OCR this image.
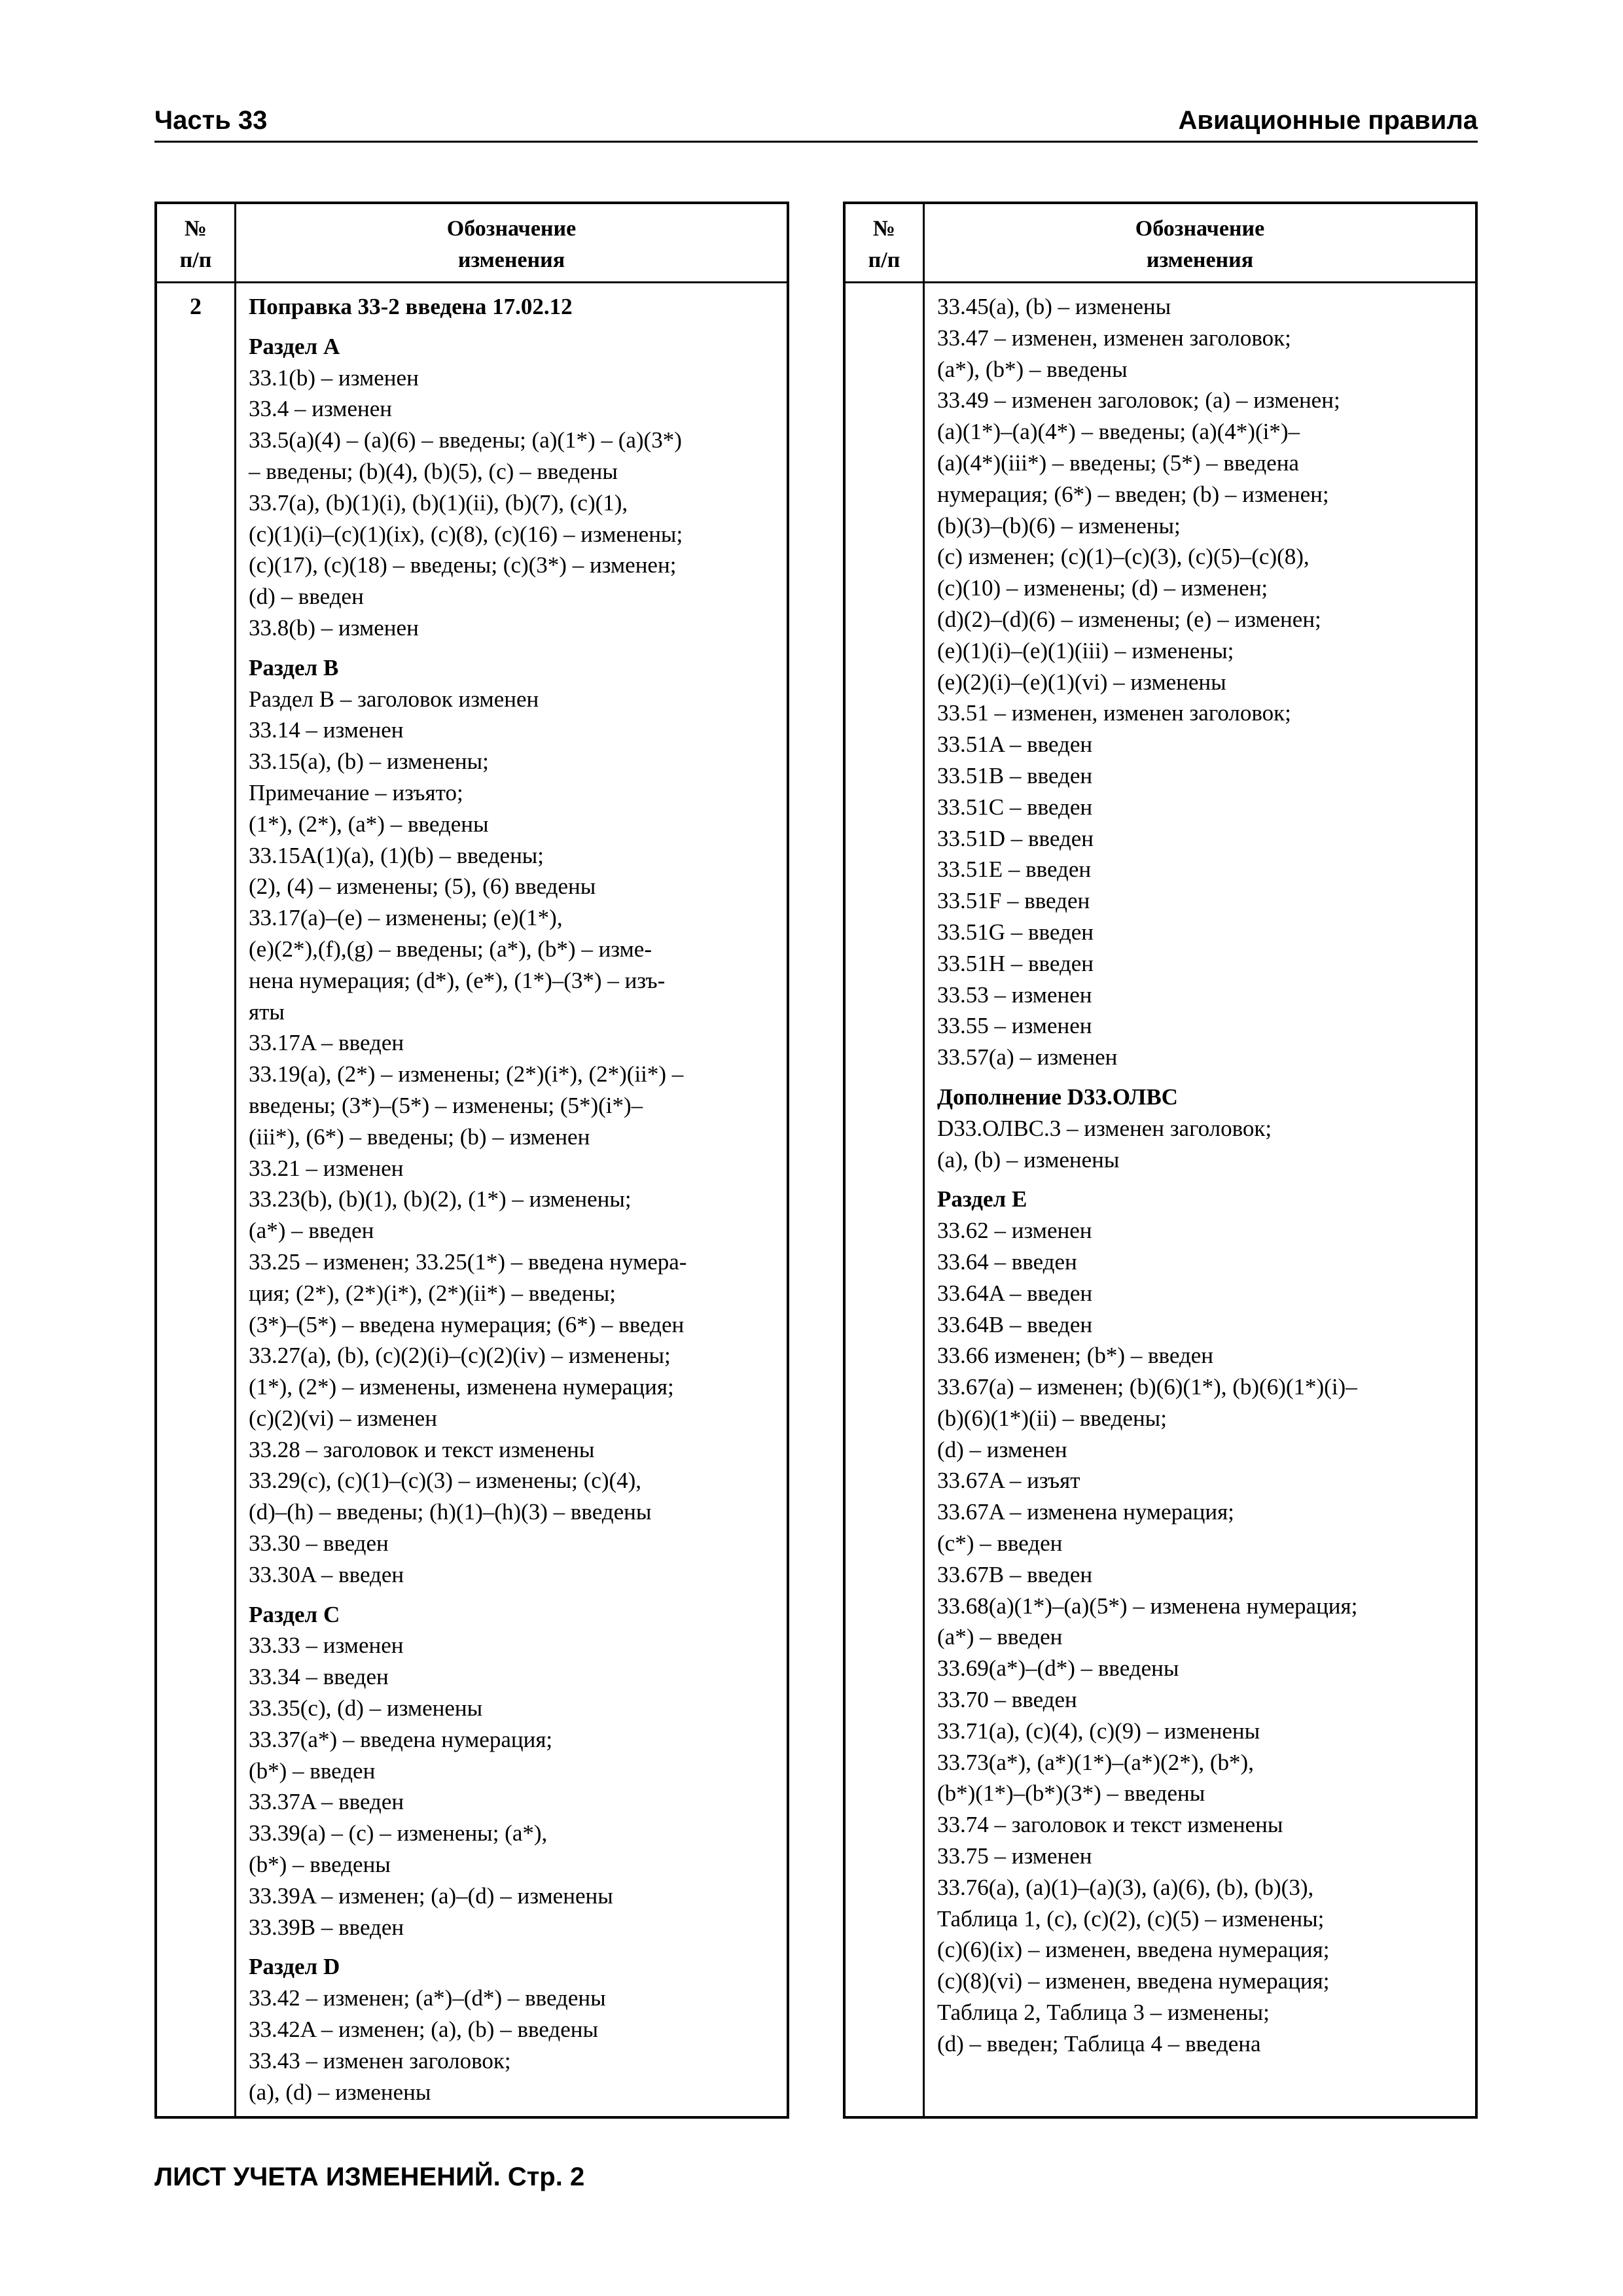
Часть 33	Авиационные правила
№
п/п
Обозначение
изменения
2	Поправка 33-2 введена 17.02.12
Раздел A
33.1(b) – изменен
33.4 – изменен
33.5(a)(4) – (a)(6) – введены; (a)(1*) – (a)(3*)
– введены; (b)(4), (b)(5), (c) – введены
33.7(a), (b)(1)(i), (b)(1)(ii), (b)(7), (c)(1),
(c)(1)(i)–(c)(1)(ix), (c)(8), (c)(16) – изменены;
(c)(17), (c)(18) – введены; (c)(3*) – изменен;
(d) – введен
33.8(b) – изменен
Раздел B
Раздел В – заголовок изменен
33.14 – изменен
33.15(a), (b) – изменены;
Примечание – изъято;
(1*), (2*), (a*) – введены
33.15A(1)(a), (1)(b) – введены;
(2), (4) – изменены; (5), (6) введены
33.17(a)–(e) – изменены; (e)(1*),
(e)(2*),(f),(g) – введены; (a*), (b*) – изме-
нена нумерация; (d*), (e*), (1*)–(3*) – изъ-
яты
33.17A – введен
33.19(a), (2*) – изменены; (2*)(i*), (2*)(ii*) –
введены; (3*)–(5*) – изменены; (5*)(i*)–
(iii*), (6*) – введены; (b) – изменен
33.21 – изменен
33.23(b), (b)(1), (b)(2), (1*) – изменены;
(a*) – введен
33.25 – изменен; 33.25(1*) – введена нумера-
ция; (2*), (2*)(i*), (2*)(ii*) – введены;
(3*)–(5*) – введена нумерация; (6*) – введен
33.27(a), (b), (c)(2)(i)–(c)(2)(iv) – изменены;
(1*), (2*) – изменены, изменена нумерация;
(c)(2)(vi) – изменен
33.28 – заголовок и текст изменены
33.29(c), (c)(1)–(c)(3) – изменены; (c)(4),
(d)–(h) – введены; (h)(1)–(h)(3) – введены
33.30 – введен
33.30A – введен
Раздел C
33.33 – изменен
33.34 – введен
33.35(c), (d) – изменены
33.37(a*) – введена нумерация;
(b*) – введен
33.37A – введен
33.39(a) – (c) – изменены; (a*),
(b*) – введены
33.39A – изменен; (a)–(d) – изменены
33.39B – введен
Раздел D
33.42 – изменен; (a*)–(d*) – введены
33.42A – изменен; (a), (b) – введены
33.43 – изменен заголовок;
(a), (d) – изменены
№
п/п
Обозначение
изменения
33.45(a), (b) – изменены
33.47 – изменен, изменен заголовок;
(a*), (b*) – введены
33.49 – изменен заголовок; (a) – изменен;
(a)(1*)–(a)(4*) – введены; (a)(4*)(i*)–
(a)(4*)(iii*) – введены; (5*) – введена
нумерация; (6*) – введен; (b) – изменен;
(b)(3)–(b)(6) – изменены;
(c) изменен; (c)(1)–(c)(3), (c)(5)–(c)(8),
(c)(10) – изменены; (d) – изменен;
(d)(2)–(d)(6) – изменены; (e) – изменен;
(e)(1)(i)–(e)(1)(iii) – изменены;
(e)(2)(i)–(e)(1)(vi) – изменены
33.51 – изменен, изменен заголовок;
33.51A – введен
33.51B – введен
33.51C – введен
33.51D – введен
33.51E – введен
33.51F – введен
33.51G – введен
33.51H – введен
33.53 – изменен
33.55 – изменен
33.57(a) – изменен
Дополнение D33.ОЛВС
D33.ОЛВС.3 – изменен заголовок;
(a), (b) – изменены
Раздел E
33.62 – изменен
33.64 – введен
33.64A – введен
33.64B – введен
33.66 изменен; (b*) – введен
33.67(a) – изменен; (b)(6)(1*), (b)(6)(1*)(i)–
(b)(6)(1*)(ii) – введены;
(d) – изменен
33.67A – изъят
33.67A – изменена нумерация;
(c*) – введен
33.67B – введен
33.68(a)(1*)–(a)(5*) – изменена нумерация;
(a*) – введен
33.69(a*)–(d*) – введены
33.70 – введен
33.71(a), (c)(4), (c)(9) – изменены
33.73(a*), (a*)(1*)–(a*)(2*), (b*),
(b*)(1*)–(b*)(3*) – введены
33.74 – заголовок и текст изменены
33.75 – изменен
33.76(a), (a)(1)–(a)(3), (a)(6), (b), (b)(3),
Таблица 1, (c), (c)(2), (c)(5) – изменены;
(c)(6)(ix) – изменен, введена нумерация;
(c)(8)(vi) – изменен, введена нумерация;
Таблица 2, Таблица 3 – изменены;
(d) – введен; Таблица 4 – введена
ЛИСТ УЧЕТА ИЗМЕНЕНИЙ. Стр. 2
